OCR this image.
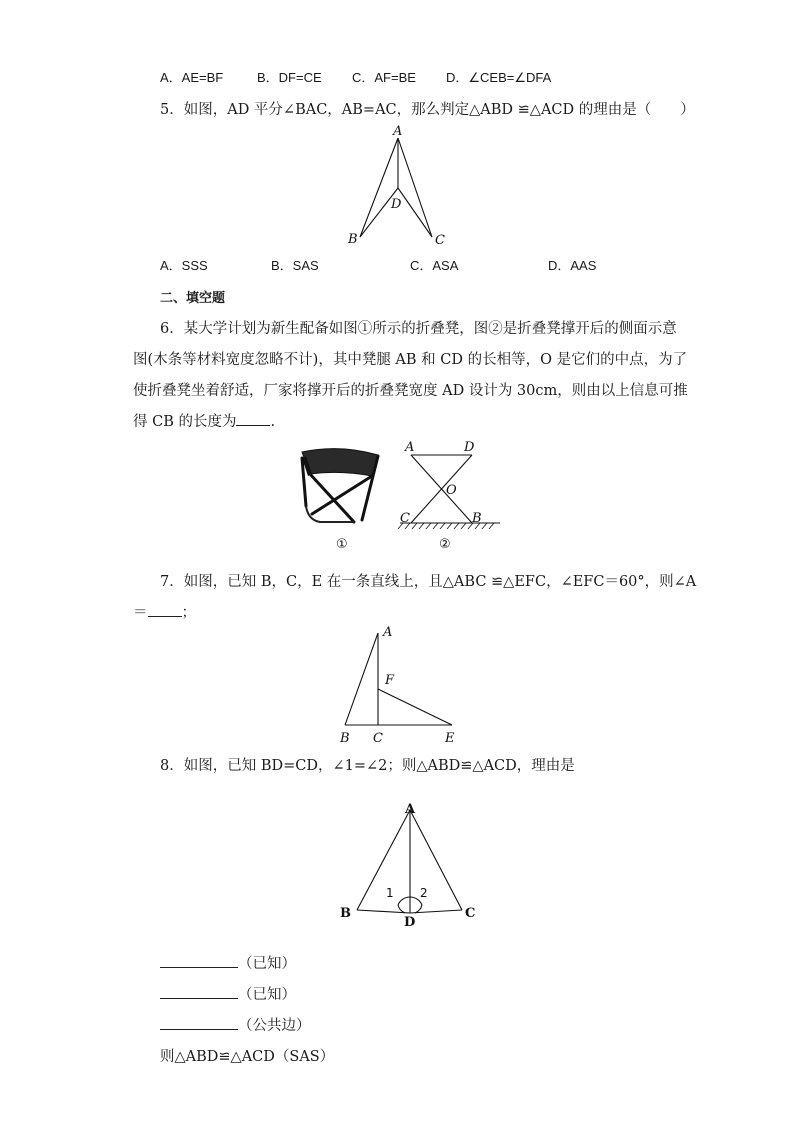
A．AE=BF	B．DF=CE C．AF=BE D．∠CEB=∠DFA
5．如图，AD 平分∠BAC，AB=AC，那么判定△ABD ≌△ACD 的理由是（　　）
A
D
B	C
A．SSS	B．SAS	C．ASA	D．AAS
二、填空题
6．某大学计划为新生配备如图①所示的折叠凳，图②是折叠凳撑开后的侧面示意
图(木条等材料宽度忽略不计)，其中凳腿 AB 和 CD 的长相等，O 是它们的中点，为了
使折叠凳坐着舒适，厂家将撑开后的折叠凳宽度 AD 设计为 30cm，则由以上信息可推
得 CB 的长度为 .
①
A	D
O
C	B
②
7．如图，已知 B，C，E 在一条直线上，且△ABC ≌△EFC，∠EFC＝60°，则∠A
＝ ；
A
F
B C	E
8．如图，已知 BD=CD，∠1=∠2；则△ABD≌△ACD，理由是
A
B	C
D
1 2
（已知）
（已知）
（公共边）
则△ABD≌△ACD（SAS）
